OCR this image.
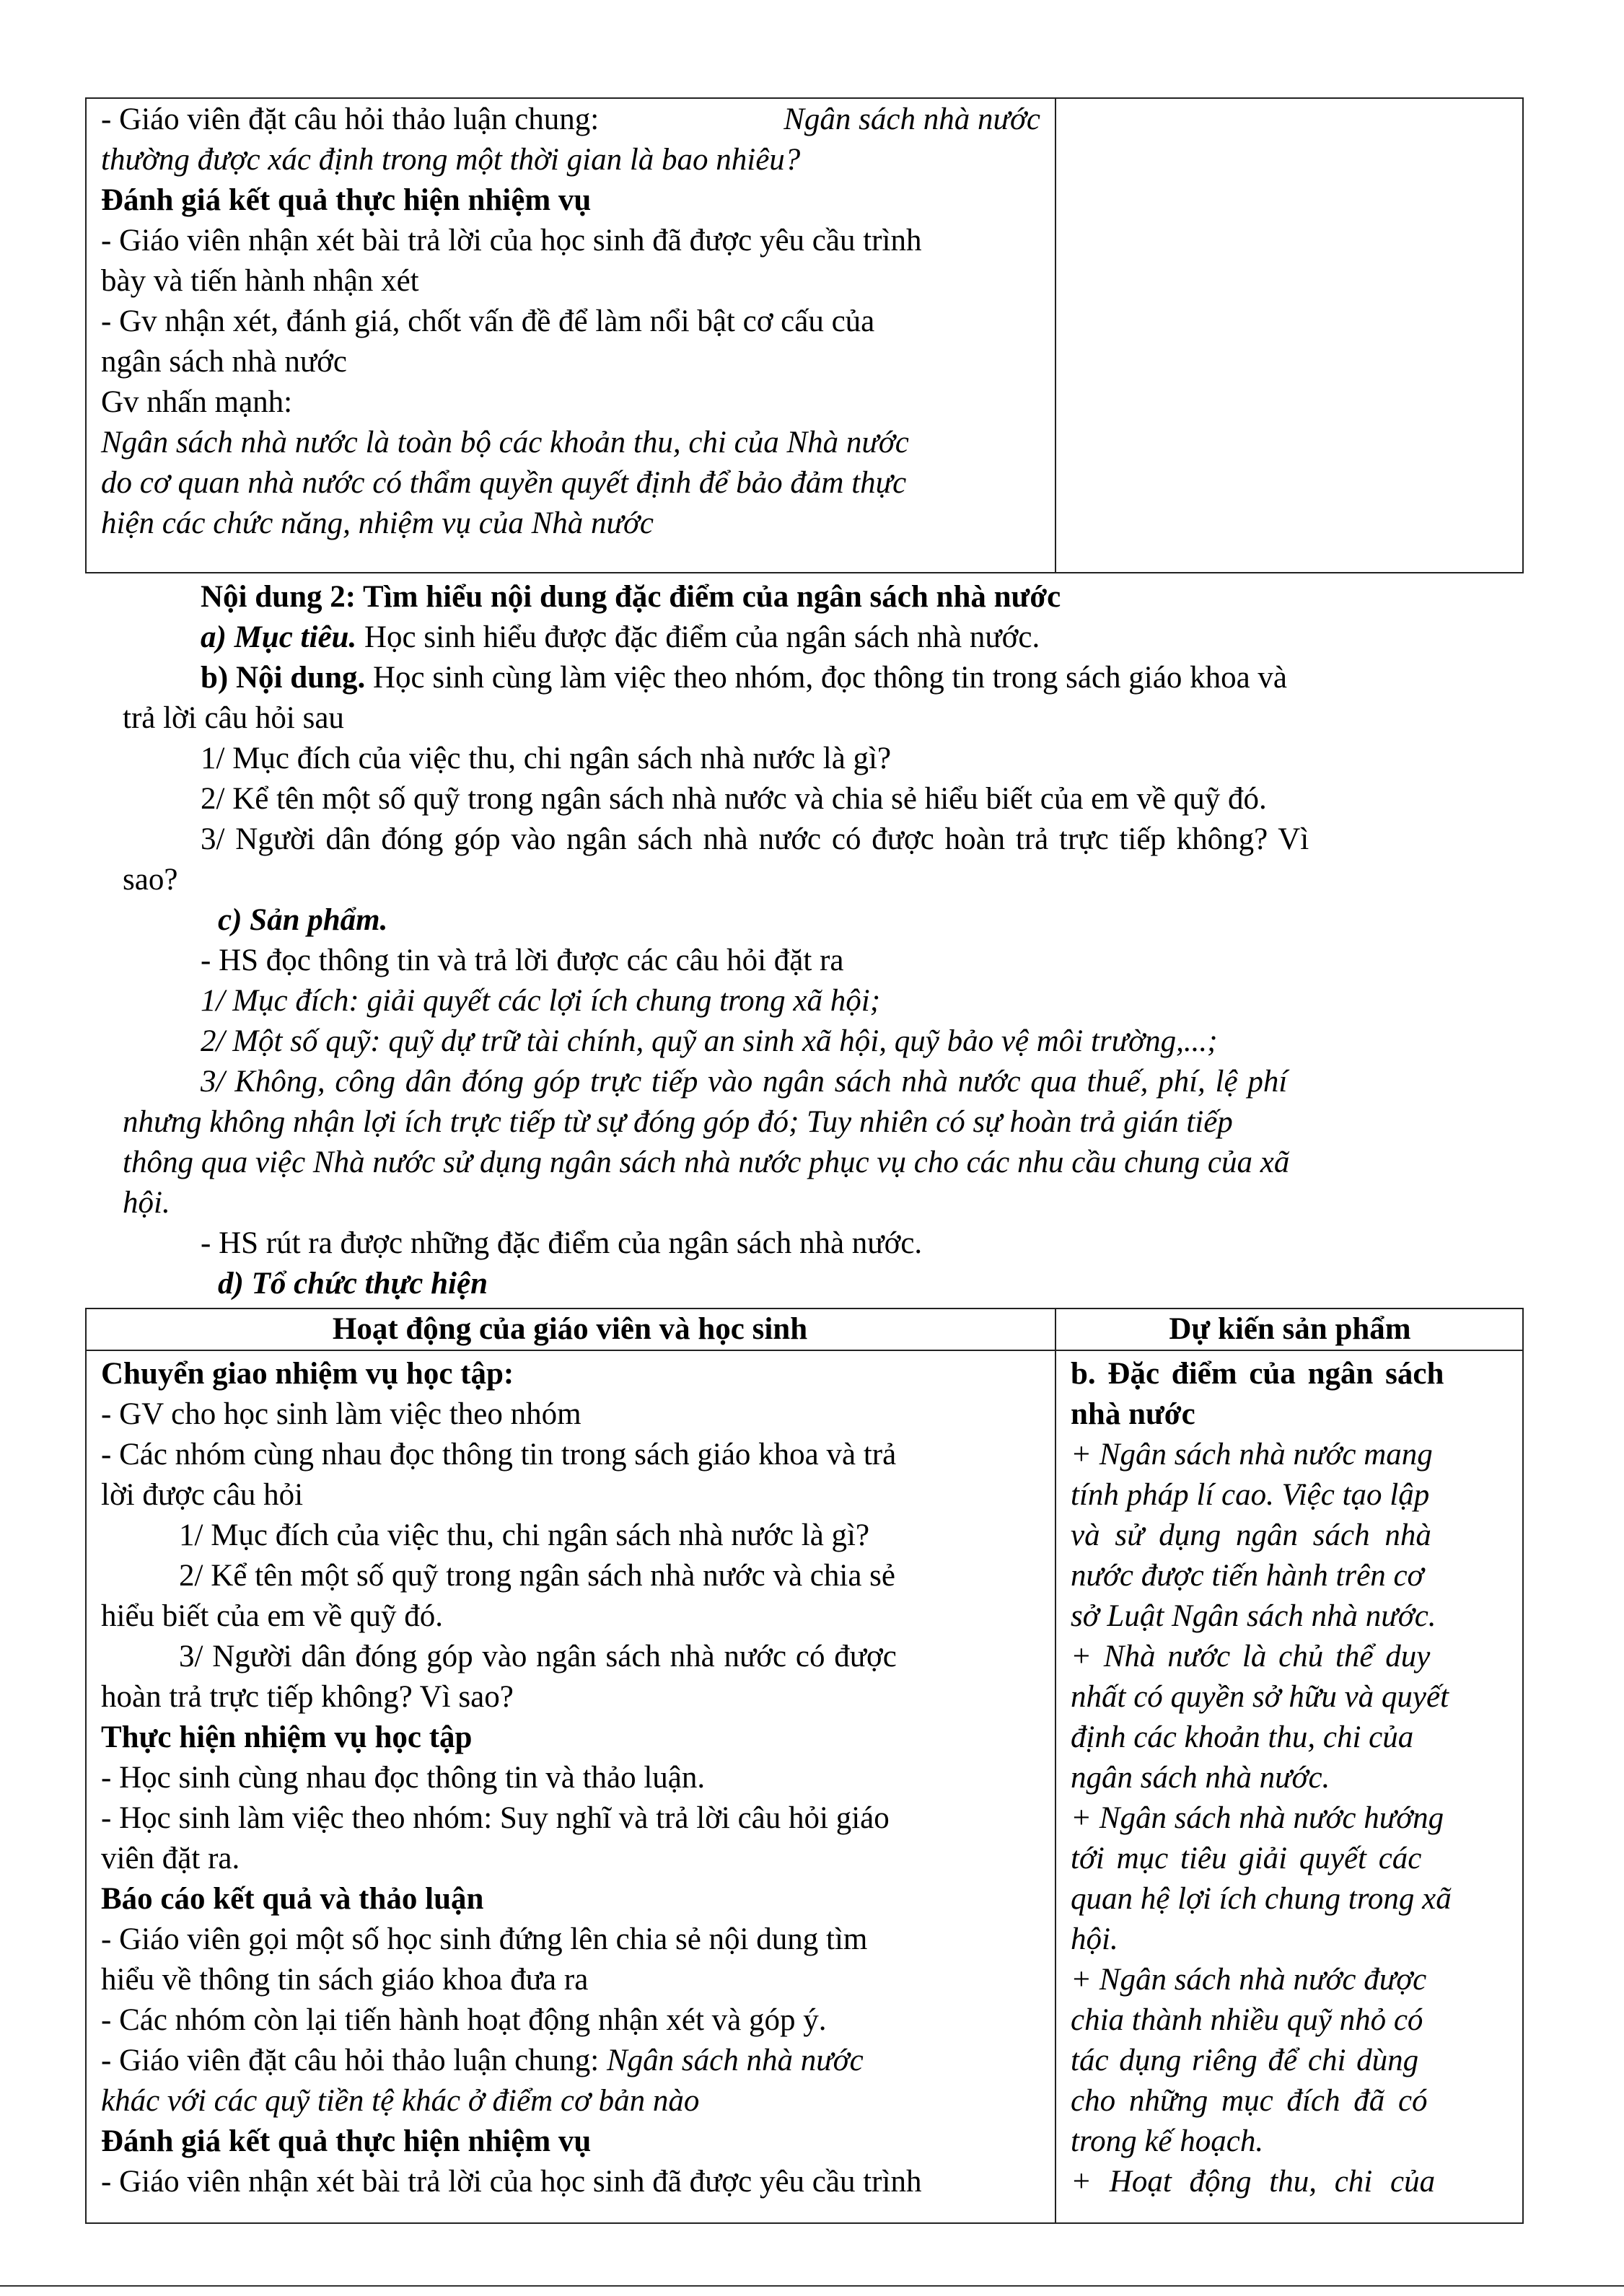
- Giáo viên đặt câu hỏi thảo luận chung:	Ngân sách nhà nước
thường được xác định trong một thời gian là bao nhiêu?
Đánh giá kết quả thực hiện nhiệm vụ
- Giáo viên nhận xét bài trả lời của học sinh đã được yêu cầu trình
bày và tiến hành nhận xét
- Gv nhận xét, đánh giá, chốt vấn đề để làm nổi bật cơ cấu của
ngân sách nhà nước
Gv nhấn mạnh:
Ngân sách nhà nước là toàn bộ các khoản thu, chi của Nhà nước
do cơ quan nhà nước có thẩm quyền quyết định để bảo đảm thực
hiện các chức năng, nhiệm vụ của Nhà nước
Nội dung 2: Tìm hiểu nội dung đặc điểm của ngân sách nhà nước
a) Mục tiêu. Học sinh hiểu được đặc điểm của ngân sách nhà nước.
b) Nội dung. Học sinh cùng làm việc theo nhóm, đọc thông tin trong sách giáo khoa và
trả lời câu hỏi sau
1/ Mục đích của việc thu, chi ngân sách nhà nước là gì?
2/ Kể tên một số quỹ trong ngân sách nhà nước và chia sẻ hiểu biết của em về quỹ đó.
3/ Người dân đóng góp vào ngân sách nhà nước có được hoàn trả trực tiếp không? Vì
sao?
c) Sản phẩm.
- HS đọc thông tin và trả lời được các câu hỏi đặt ra
1/ Mục đích: giải quyết các lợi ích chung trong xã hội;
2/ Một số quỹ: quỹ dự trữ tài chính, quỹ an sinh xã hội, quỹ bảo vệ môi trường,...;
3/ Không, công dân đóng góp trực tiếp vào ngân sách nhà nước qua thuế, phí, lệ phí
nhưng không nhận lợi ích trực tiếp từ sự đóng góp đó; Tuy nhiên có sự hoàn trả gián tiếp
thông qua việc Nhà nước sử dụng ngân sách nhà nước phục vụ cho các nhu cầu chung của xã
hội.
- HS rút ra được những đặc điểm của ngân sách nhà nước.
d) Tổ chức thực hiện
Hoạt động của giáo viên và học sinh	Dự kiến sản phẩm
Chuyển giao nhiệm vụ học tập:
- GV cho học sinh làm việc theo nhóm
- Các nhóm cùng nhau đọc thông tin trong sách giáo khoa và trả
lời được câu hỏi
1/ Mục đích của việc thu, chi ngân sách nhà nước là gì?
2/ Kể tên một số quỹ trong ngân sách nhà nước và chia sẻ
hiểu biết của em về quỹ đó.
3/ Người dân đóng góp vào ngân sách nhà nước có được
hoàn trả trực tiếp không? Vì sao?
Thực hiện nhiệm vụ học tập
- Học sinh cùng nhau đọc thông tin và thảo luận.
- Học sinh làm việc theo nhóm: Suy nghĩ và trả lời câu hỏi giáo
viên đặt ra.
Báo cáo kết quả và thảo luận
- Giáo viên gọi một số học sinh đứng lên chia sẻ nội dung tìm
hiểu về thông tin sách giáo khoa đưa ra
- Các nhóm còn lại tiến hành hoạt động nhận xét và góp ý.
- Giáo viên đặt câu hỏi thảo luận chung: Ngân sách nhà nước
khác với các quỹ tiền tệ khác ở điểm cơ bản nào
Đánh giá kết quả thực hiện nhiệm vụ
- Giáo viên nhận xét bài trả lời của học sinh đã được yêu cầu trình
b. Đặc điểm của ngân sách
nhà nước
+ Ngân sách nhà nước mang
tính pháp lí cao. Việc tạo lập
và sử dụng ngân sách nhà
nước được tiến hành trên cơ
sở Luật Ngân sách nhà nước.
+ Nhà nước là chủ thể duy
nhất có quyền sở hữu và quyết
định các khoản thu, chi của
ngân sách nhà nước.
+ Ngân sách nhà nước hướng
tới mục tiêu giải quyết các
quan hệ lợi ích chung trong xã
hội.
+ Ngân sách nhà nước được
chia thành nhiều quỹ nhỏ có
tác dụng riêng để chi dùng
cho những mục đích đã có
trong kế hoạch.
+ Hoạt động thu, chi của
